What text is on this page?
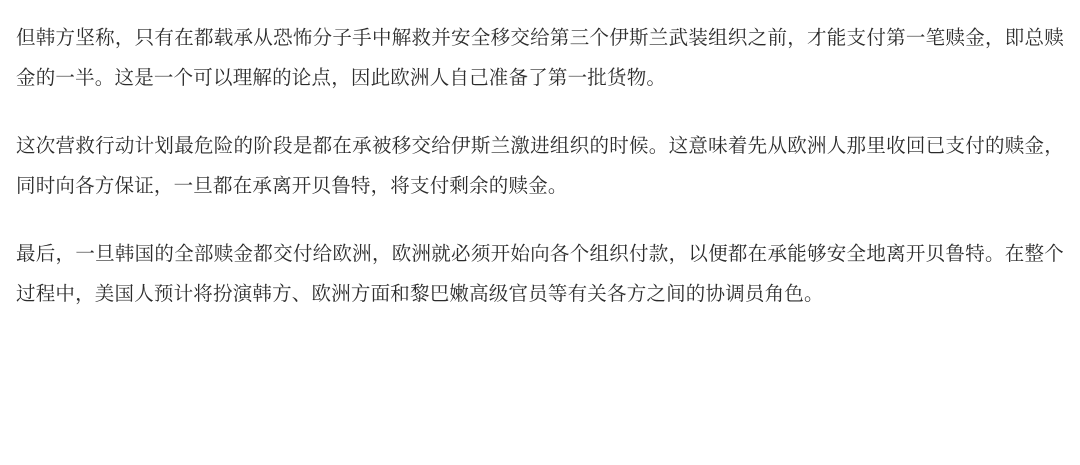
但韩方坚称，只有在都载承从恐怖分子手中解救并安全移交给第三个伊斯兰武装组织之前，才能支付第一笔赎金，即总赎金的一半。这是一个可以理解的论点，因此欧洲人自己准备了第一批货物。

这次营救行动计划最危险的阶段是都在承被移交给伊斯兰激进组织的时候。这意味着先从欧洲人那里收回已支付的赎金，同时向各方保证，一旦都在承离开贝鲁特，将支付剩余的赎金。

最后，一旦韩国的全部赎金都交付给欧洲，欧洲就必须开始向各个组织付款，以便都在承能够安全地离开贝鲁特。在整个过程中，美国人预计将扮演韩方、欧洲方面和黎巴嫩高级官员等有关各方之间的协调员角色。
